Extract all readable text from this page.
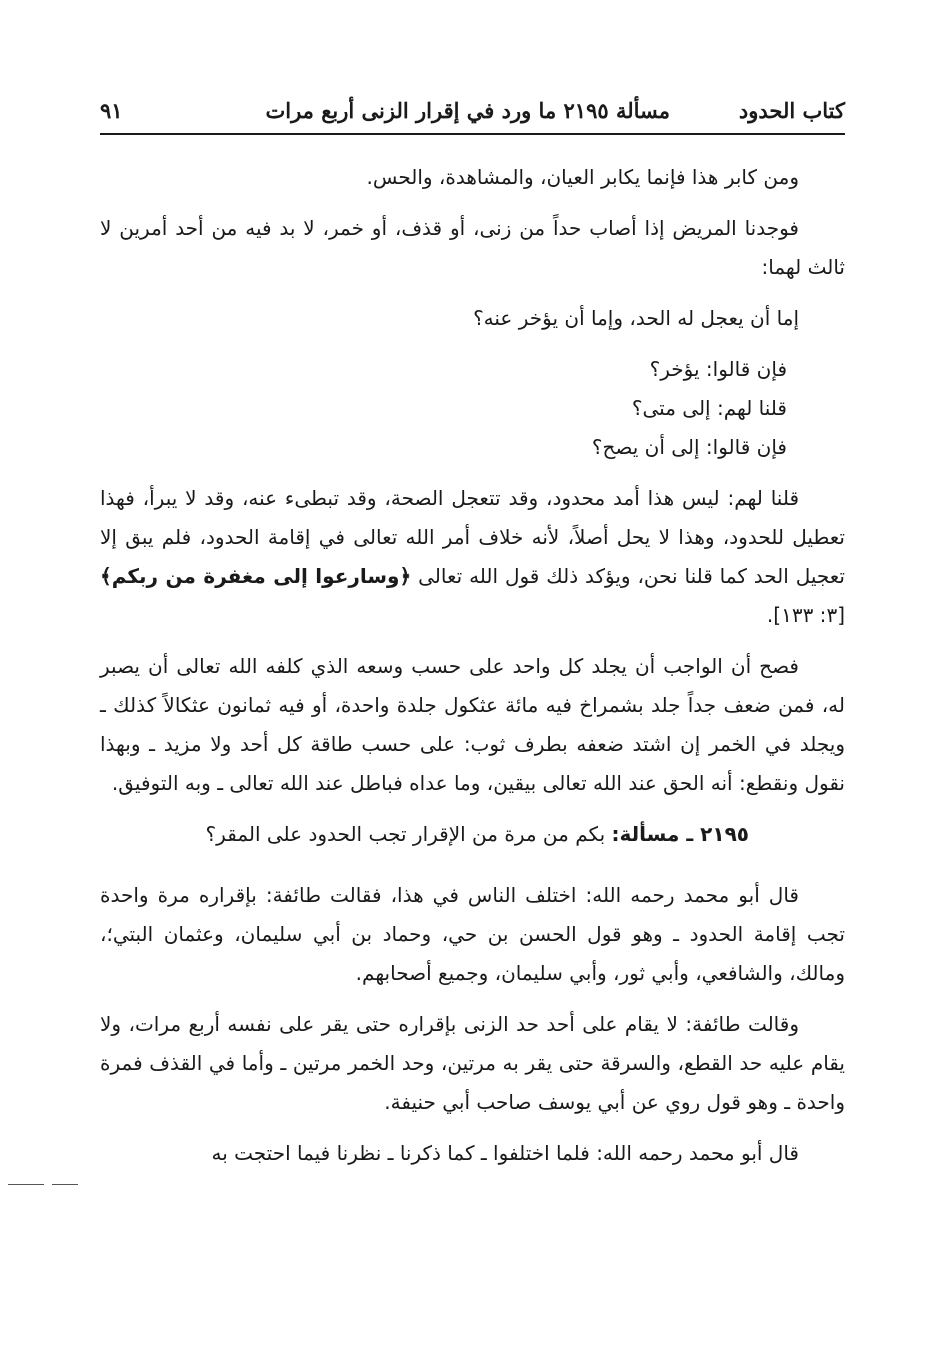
كتاب الحدود
مسألة ٢١٩٥ ما ورد في إقرار الزنى أربع مرات
٩١

ومن كابر هذا فإنما يكابر العيان، والمشاهدة، والحس.

فوجدنا المريض إذا أصاب حداً من زنى، أو قذف، أو خمر، لا بد فيه من أحد أمرين لا ثالث لهما:

إما أن يعجل له الحد، وإما أن يؤخر عنه؟

فإن قالوا: يؤخر؟

قلنا لهم: إلى متى؟

فإن قالوا: إلى أن يصح؟

قلنا لهم: ليس هذا أمد محدود، وقد تتعجل الصحة، وقد تبطىء عنه، وقد لا يبرأ، فهذا تعطيل للحدود، وهذا لا يحل أصلاً، لأنه خلاف أمر الله تعالى في إقامة الحدود، فلم يبق إلا تعجيل الحد كما قلنا نحن، ويؤكد ذلك قول الله تعالى ﴿وسارعوا إلى مغفرة من ربكم﴾ [٣: ١٣٣].

فصح أن الواجب أن يجلد كل واحد على حسب وسعه الذي كلفه الله تعالى أن يصبر له، فمن ضعف جداً جلد بشمراخ فيه مائة عثكول جلدة واحدة، أو فيه ثمانون عثكالاً كذلك ـ ويجلد في الخمر إن اشتد ضعفه بطرف ثوب: على حسب طاقة كل أحد ولا مزيد ـ وبهذا نقول ونقطع: أنه الحق عند الله تعالى بيقين، وما عداه فباطل عند الله تعالى ـ وبه التوفيق.

٢١٩٥ ـ مسألة: بكم من مرة من الإقرار تجب الحدود على المقر؟

قال أبو محمد رحمه الله: اختلف الناس في هذا، فقالت طائفة: بإقراره مرة واحدة تجب إقامة الحدود ـ وهو قول الحسن بن حي، وحماد بن أبي سليمان، وعثمان البتي؛، ومالك، والشافعي، وأبي ثور، وأبي سليمان، وجميع أصحابهم.

وقالت طائفة: لا يقام على أحد حد الزنى بإقراره حتى يقر على نفسه أربع مرات، ولا يقام عليه حد القطع، والسرقة حتى يقر به مرتين، وحد الخمر مرتين ـ وأما في القذف فمرة واحدة ـ وهو قول روي عن أبي يوسف صاحب أبي حنيفة.

قال أبو محمد رحمه الله: فلما اختلفوا ـ كما ذكرنا ـ نظرنا فيما احتجت به
